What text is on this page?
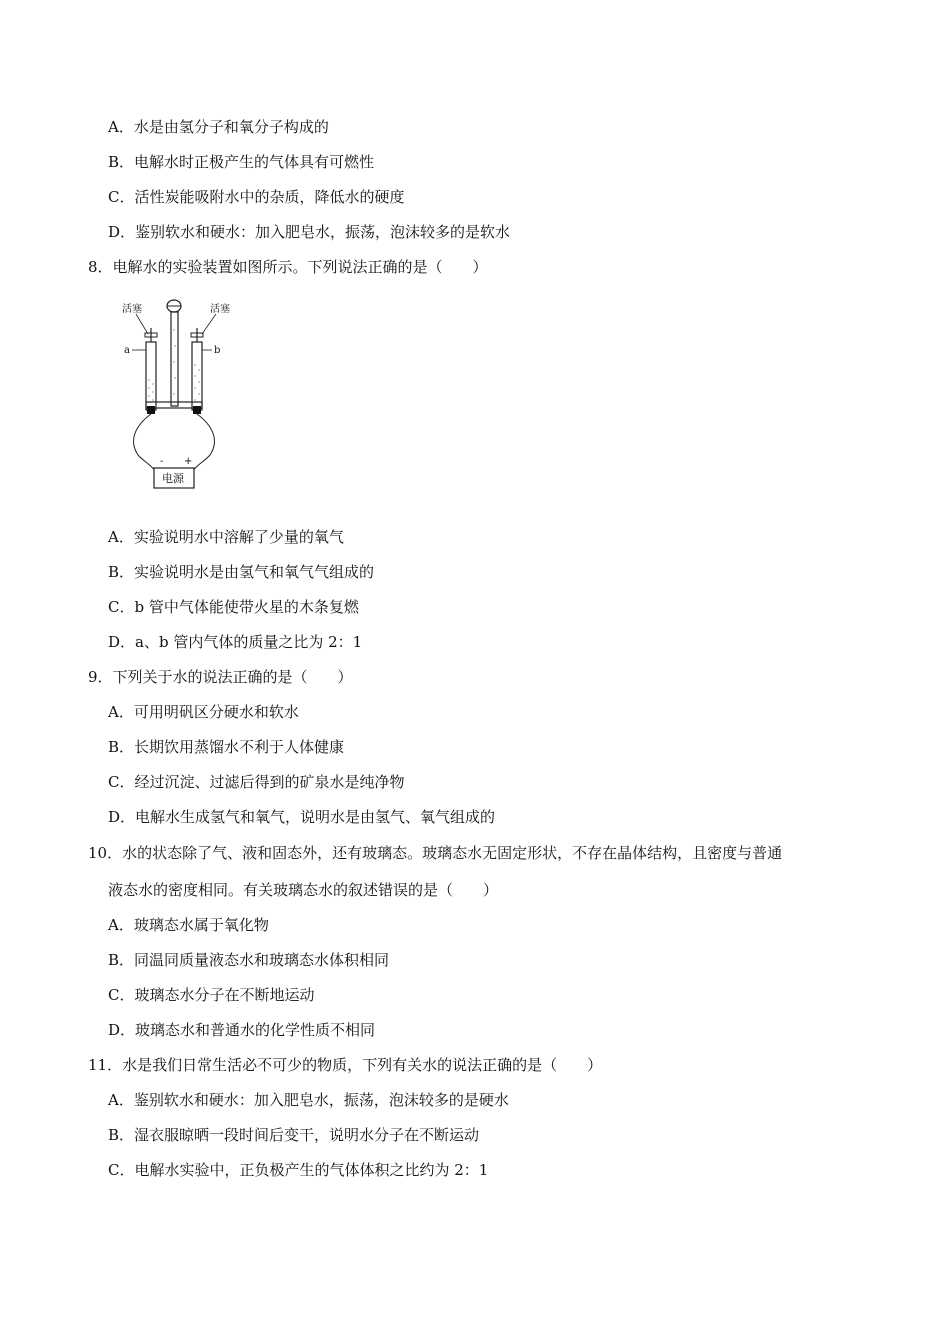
A．水是由氢分子和氧分子构成的
B．电解水时正极产生的气体具有可燃性
C．活性炭能吸附水中的杂质，降低水的硬度
D．鉴别软水和硬水：加入肥皂水，振荡，泡沫较多的是软水
8．电解水的实验装置如图所示。下列说法正确的是（　　）
活塞	活塞
a	b
- +
电源
A．实验说明水中溶解了少量的氧气
B．实验说明水是由氢气和氧气气组成的
C．b 管中气体能使带火星的木条复燃
D．a、b 管内气体的质量之比为 2：1
9．下列关于水的说法正确的是（　　）
A．可用明矾区分硬水和软水
B．长期饮用蒸馏水不利于人体健康
C．经过沉淀、过滤后得到的矿泉水是纯净物
D．电解水生成氢气和氧气，说明水是由氢气、氧气组成的
10．水的状态除了气、液和固态外，还有玻璃态。玻璃态水无固定形状，不存在晶体结构，且密度与普通
液态水的密度相同。有关玻璃态水的叙述错误的是（　　）
A．玻璃态水属于氧化物
B．同温同质量液态水和玻璃态水体积相同
C．玻璃态水分子在不断地运动
D．玻璃态水和普通水的化学性质不相同
11．水是我们日常生活必不可少的物质，下列有关水的说法正确的是（　　）
A．鉴别软水和硬水：加入肥皂水，振荡，泡沫较多的是硬水
B．湿衣服晾晒一段时间后变干，说明水分子在不断运动
C．电解水实验中，正负极产生的气体体积之比约为 2：1
